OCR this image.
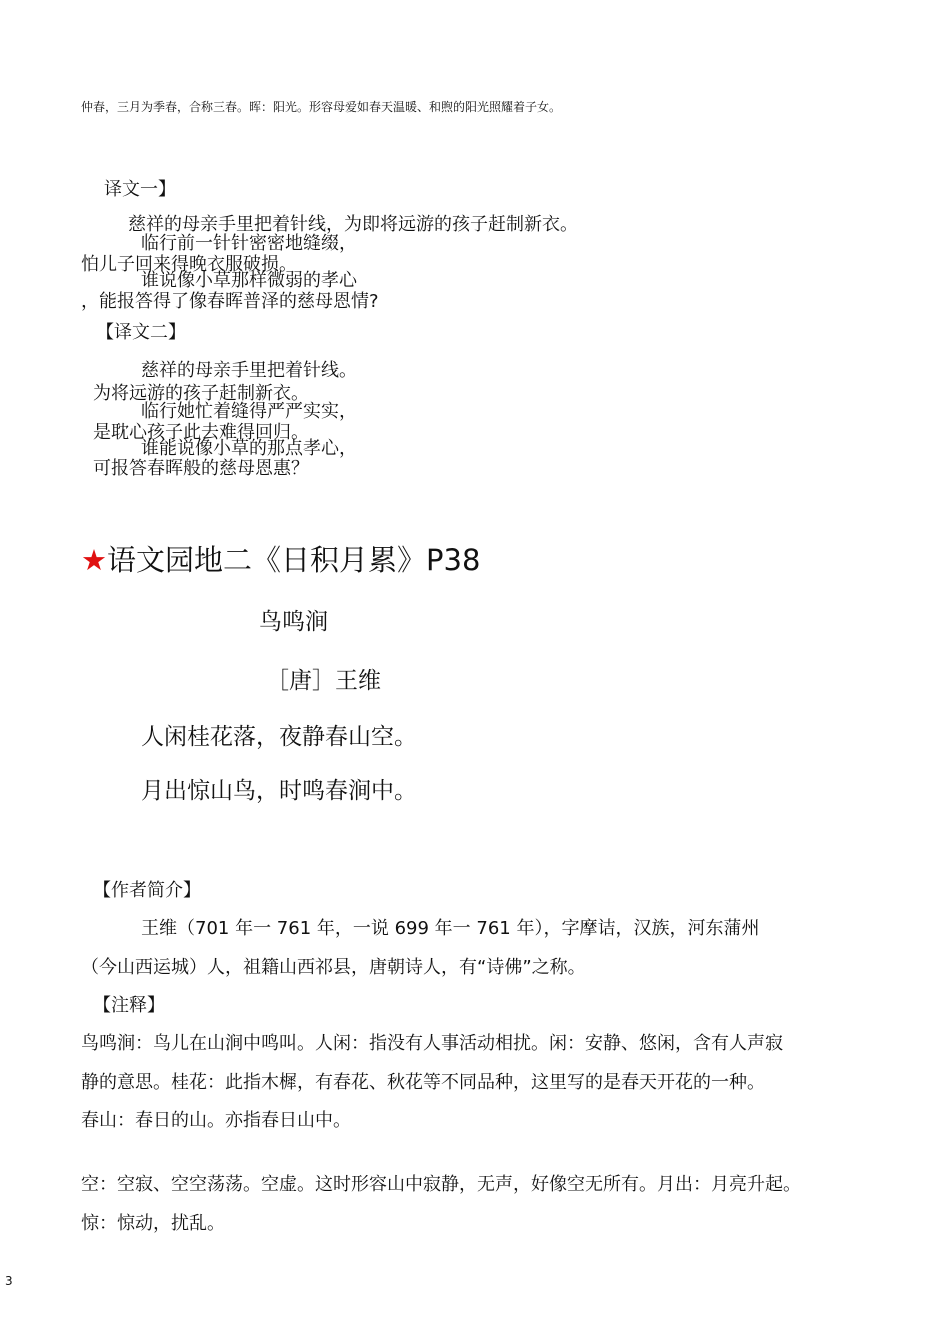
仲春，三月为季春，合称三春。晖：阳光。形容母爱如春天温暖、和煦的阳光照耀着子女。
译文一】
慈祥的母亲手里把着针线，为即将远游的孩子赶制新衣。
临行前一针针密密地缝缀，
怕儿子回来得晚衣服破损。
谁说像小草那样微弱的孝心
，能报答得了像春晖普泽的慈母恩情?
【译文二】
慈祥的母亲手里把着针线。
为将远游的孩子赶制新衣。
临行她忙着缝得严严实实，
是耽心孩子此去难得回归。
谁能说像小草的那点孝心，
可报答春晖般的慈母恩惠？
★语文园地二《日积月累》P38
鸟鸣涧
［唐］王维
人闲桂花落，夜静春山空。
月出惊山鸟，时鸣春涧中。
【作者简介】
王维（701 年一 761 年，一说 699 年一 761 年），字摩诘，汉族，河东蒲州
（今山西运城）人，祖籍山西祁县，唐朝诗人，有“诗佛”之称。
【注释】
鸟鸣涧：鸟儿在山涧中鸣叫。人闲：指没有人事活动相扰。闲：安静、悠闲，含有人声寂
静的意思。桂花：此指木樨，有春花、秋花等不同品种，这里写的是春天开花的一种。
春山：春日的山。亦指春日山中。
空：空寂、空空荡荡。空虚。这时形容山中寂静，无声，好像空无所有。月出：月亮升起。
惊：惊动，扰乱。
3
